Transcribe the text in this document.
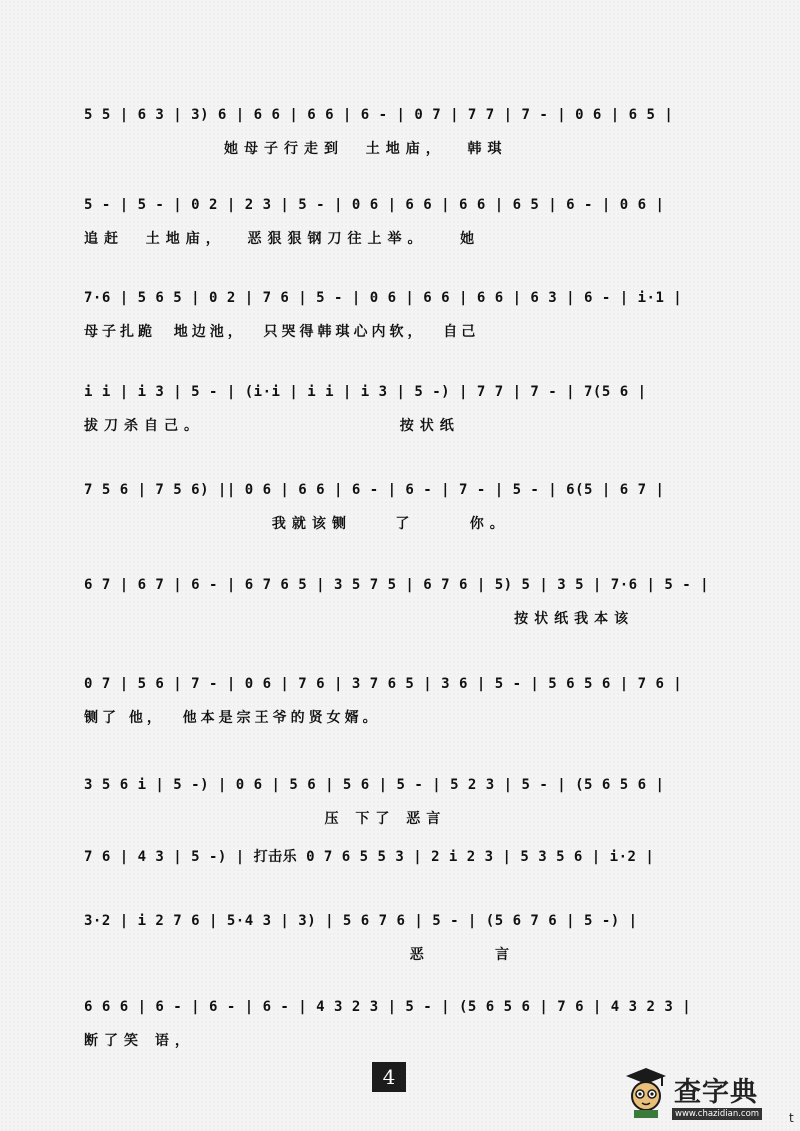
5 5 | 6 3 | 3) 6 | 6 6 | 6 6 | 6 - | 0 7 | 7 7 | 7 - | 0 6 | 6 5 |
她母子行走到  土地庙，  韩琪
5 - | 5 - | 0 2 | 2 3 | 5 - | 0 6 | 6 6 | 6 6 | 6 5 | 6 - | 0 6 |
追赶  土地庙，  恶狠狠钢刀往上举。   她
7·6 | 5 6 5 | 0 2 | 7 6 | 5 - | 0 6 | 6 6 | 6 6 | 6 3 | 6 - | i·1 |
母子扎跪  地边池，  只哭得韩琪心内软，  自己
i i | i 3 | 5 - | (i·i | i i | i 3 | 5 -) | 7 7 | 7 - | 7(5 6 |
拔刀杀自己。                  按状纸
7 5 6 | 7 5 6) || 0 6 | 6 6 | 6 - | 6 - | 7 - | 5 - | 6(5 | 6 7 |
我就该铡    了     你。
6 7 | 6 7 | 6 - | 6 7 6 5 | 3 5 7 5 | 6 7 6 | 5) 5 | 3 5 | 7·6 | 5 - |
按状纸我本该
0 7 | 5 6 | 7 - | 0 6 | 7 6 | 3 7 6 5 | 3 6 | 5 - | 5 6 5 6 | 7 6 |
铡了 他，  他本是宗王爷的贤女婿。
3 5 6 i | 5 -) | 0 6 | 5 6 | 5 6 | 5 - | 5 2 3 | 5 - | (5 6 5 6 |
压 下了 恶言
7 6 | 4 3 | 5 -) | 打击乐 0 7 6 5 5 3 | 2 i 2 3 | 5 3 5 6 | i·2 |
3·2 | i 2 7 6 | 5·4 3 | 3) | 5 6 7 6 | 5 - | (5 6 7 6 | 5 -) |
恶      言
6 6 6 | 6 - | 6 - | 6 - | 4 3 2 3 | 5 - | (5 6 5 6 | 7 6 | 4 3 2 3 |
断了笑 语，
4	查字典
www.chazidian.com t
